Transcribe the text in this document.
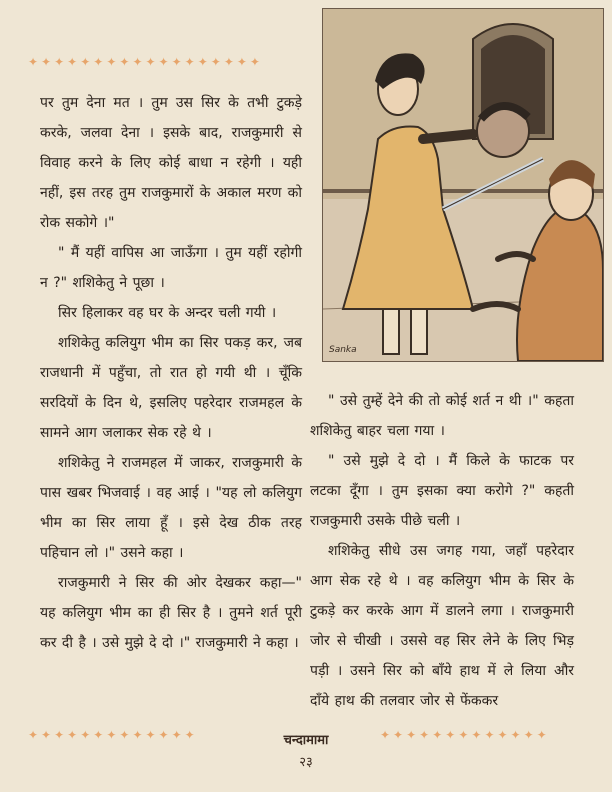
✦✦✦✦✦✦✦✦✦✦✦✦✦✦✦✦✦✦

पर तुम देना मत । तुम उस सिर के तभी टुकड़े करके, जलवा देना । इसके बाद, राजकुमारी से विवाह करने के लिए कोई बाधा न रहेगी । यही नहीं, इस तरह तुम राजकुमारों के अकाल मरण को रोक सकोगे ।"

" मैं यहीं वापिस आ जाऊँगा । तुम यहीं रहोगी न ?" शशिकेतु ने पूछा ।

सिर हिलाकर वह घर के अन्दर चली गयी ।

शशिकेतु कलियुग भीम का सिर पकड़ कर, जब राजधानी में पहुँचा, तो रात हो गयी थी । चूँकि सरदियों के दिन थे, इसलिए पहरेदार राजमहल के सामने आग जलाकर सेक रहे थे ।

शशिकेतु ने राजमहल में जाकर, राजकुमारी के पास खबर भिजवाई । वह आई । "यह लो कलियुग भीम का सिर लाया हूँ । इसे देख ठीक तरह पहिचान लो ।" उसने कहा ।

राजकुमारी ने सिर की ओर देखकर कहा—" यह कलियुग भीम का ही सिर है । तुमने शर्त पूरी कर दी है । उसे मुझे दे दो ।" राजकुमारी ने कहा ।

Sanka

" उसे तुम्हें देने की तो कोई शर्त न थी ।" कहता शशिकेतु बाहर चला गया ।

" उसे मुझे दे दो । मैं किले के फाटक पर लटका दूँगा । तुम इसका क्या करोगे ?" कहती राजकुमारी उसके पीछे चली ।

शशिकेतु सीधे उस जगह गया, जहाँ पहरेदार आग सेक रहे थे । वह कलियुग भीम के सिर के टुकड़े कर करके आग में डालने लगा । राजकुमारी जोर से चीखी । उससे वह सिर लेने के लिए भिड़ पड़ी । उसने सिर को बाँये हाथ में ले लिया और दाँये हाथ की तलवार जोर से फेंककर

✦✦✦✦✦✦✦✦✦✦✦✦✦	✦✦✦✦✦✦✦✦✦✦✦✦✦
चन्दामामा
२३
